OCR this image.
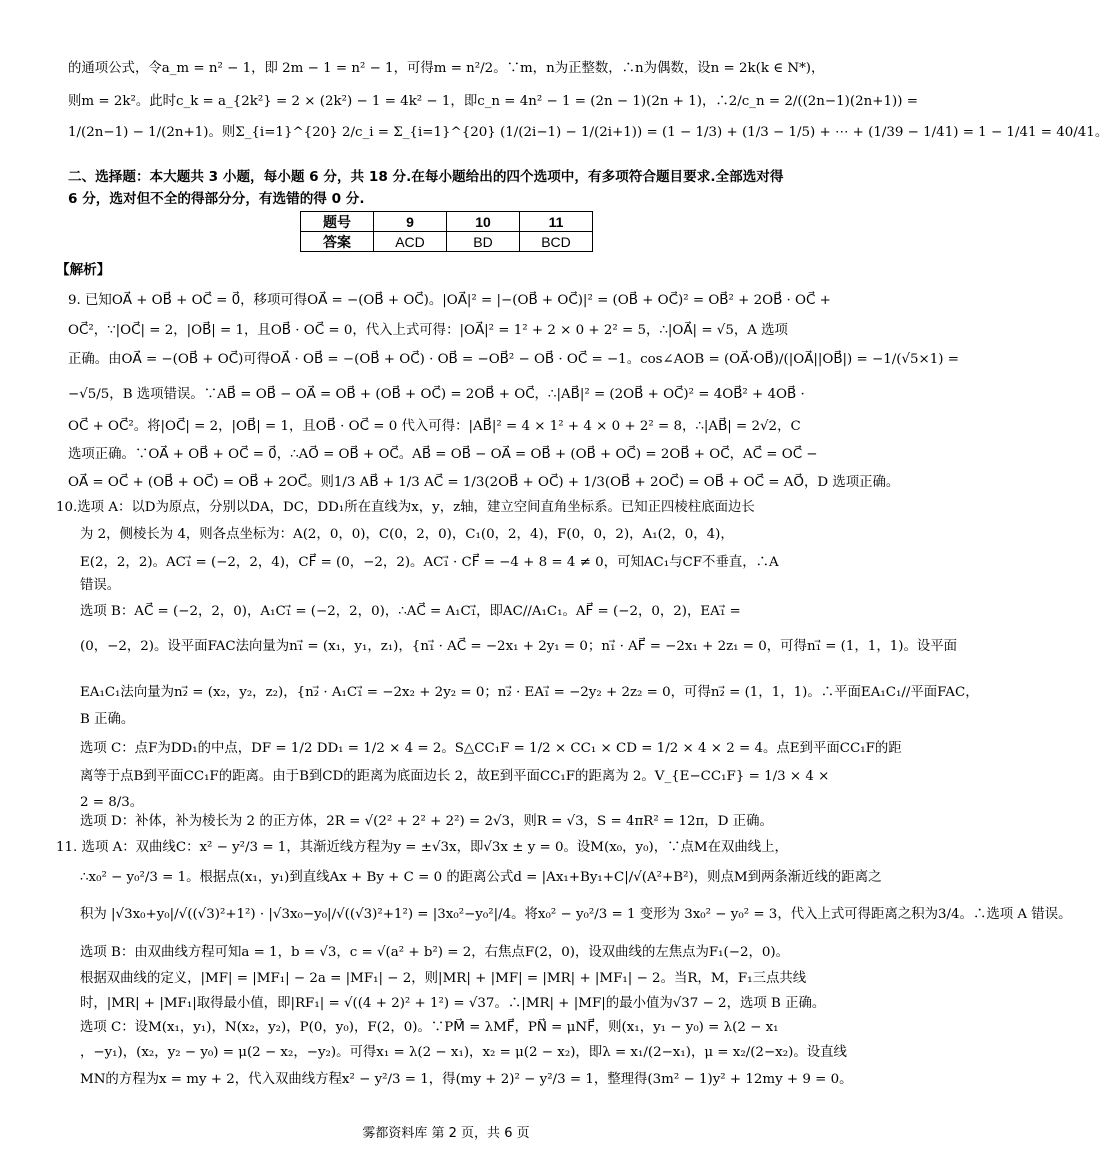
的通项公式，令a_m = n² − 1，即 2m − 1 = n² − 1，可得m = n²/2。∵m，n为正整数，∴n为偶数，设n = 2k(k ∈ N*)，
则m = 2k²。此时c_k = a_{2k²} = 2 × (2k²) − 1 = 4k² − 1，即c_n = 4n² − 1 = (2n − 1)(2n + 1)，∴2/c_n = 2/((2n−1)(2n+1)) =
1/(2n−1) − 1/(2n+1)。则Σ_{i=1}^{20} 2/c_i = Σ_{i=1}^{20} (1/(2i−1) − 1/(2i+1)) = (1 − 1/3) + (1/3 − 1/5) + ⋯ + (1/39 − 1/41) = 1 − 1/41 = 40/41。
二、选择题：本大题共 3 小题，每小题 6 分，共 18 分.在每小题给出的四个选项中，有多项符合题目要求.全部选对得
6 分，选对但不全的得部分分，有选错的得 0 分.
题号	9	10	11
答案	ACD	BD	BCD
【解析】
9. 已知OA⃗ + OB⃗ + OC⃗ = 0⃗，移项可得OA⃗ = −(OB⃗ + OC⃗)。|OA⃗|² = |−(OB⃗ + OC⃗)|² = (OB⃗ + OC⃗)² = OB⃗² + 2OB⃗ · OC⃗ +
OC⃗²，∵|OC⃗| = 2，|OB⃗| = 1，且OB⃗ · OC⃗ = 0，代入上式可得：|OA⃗|² = 1² + 2 × 0 + 2² = 5，∴|OA⃗| = √5，A 选项
正确。由OA⃗ = −(OB⃗ + OC⃗)可得OA⃗ · OB⃗ = −(OB⃗ + OC⃗) · OB⃗ = −OB⃗² − OB⃗ · OC⃗ = −1。cos∠AOB = (OA⃗·OB⃗)/(|OA⃗||OB⃗|) = −1/(√5×1) =
−√5/5，B 选项错误。∵AB⃗ = OB⃗ − OA⃗ = OB⃗ + (OB⃗ + OC⃗) = 2OB⃗ + OC⃗，∴|AB⃗|² = (2OB⃗ + OC⃗)² = 4OB⃗² + 4OB⃗ ·
OC⃗ + OC⃗²。将|OC⃗| = 2，|OB⃗| = 1，且OB⃗ · OC⃗ = 0 代入可得：|AB⃗|² = 4 × 1² + 4 × 0 + 2² = 8，∴|AB⃗| = 2√2，C
选项正确。∵OA⃗ + OB⃗ + OC⃗ = 0⃗，∴AO⃗ = OB⃗ + OC⃗。AB⃗ = OB⃗ − OA⃗ = OB⃗ + (OB⃗ + OC⃗) = 2OB⃗ + OC⃗，AC⃗ = OC⃗ −
OA⃗ = OC⃗ + (OB⃗ + OC⃗) = OB⃗ + 2OC⃗。则1/3 AB⃗ + 1/3 AC⃗ = 1/3(2OB⃗ + OC⃗) + 1/3(OB⃗ + 2OC⃗) = OB⃗ + OC⃗ = AO⃗，D 选项正确。
10.选项 A：以D为原点，分别以DA，DC，DD₁所在直线为x，y，z轴，建立空间直角坐标系。已知正四棱柱底面边长
为 2，侧棱长为 4，则各点坐标为：A(2，0，0)，C(0，2，0)，C₁(0，2，4)，F(0，0，2)，A₁(2，0，4)，
E(2，2，2)。AC₁⃗ = (−2，2，4)，CF⃗ = (0，−2，2)。AC₁⃗ · CF⃗ = −4 + 8 = 4 ≠ 0，可知AC₁与CF不垂直，∴A
错误。
选项 B：AC⃗ = (−2，2，0)，A₁C₁⃗ = (−2，2，0)，∴AC⃗ = A₁C₁⃗，即AC//A₁C₁。AF⃗ = (−2，0，2)，EA₁⃗ =
(0，−2，2)。设平面FAC法向量为n₁⃗ = (x₁，y₁，z₁)，{n₁⃗ · AC⃗ = −2x₁ + 2y₁ = 0；n₁⃗ · AF⃗ = −2x₁ + 2z₁ = 0，可得n₁⃗ = (1，1，1)。设平面
EA₁C₁法向量为n₂⃗ = (x₂，y₂，z₂)，{n₂⃗ · A₁C₁⃗ = −2x₂ + 2y₂ = 0；n₂⃗ · EA₁⃗ = −2y₂ + 2z₂ = 0，可得n₂⃗ = (1，1，1)。∴平面EA₁C₁//平面FAC，
B 正确。
选项 C：点F为DD₁的中点，DF = 1/2 DD₁ = 1/2 × 4 = 2。S△CC₁F = 1/2 × CC₁ × CD = 1/2 × 4 × 2 = 4。点E到平面CC₁F的距
离等于点B到平面CC₁F的距离。由于B到CD的距离为底面边长 2，故E到平面CC₁F的距离为 2。V_{E−CC₁F} = 1/3 × 4 ×
2 = 8/3。
选项 D：补体，补为棱长为 2 的正方体，2R = √(2² + 2² + 2²) = 2√3，则R = √3，S = 4πR² = 12π，D 正确。
11. 选项 A：双曲线C：x² − y²/3 = 1，其渐近线方程为y = ±√3x，即√3x ± y = 0。设M(x₀，y₀)，∵点M在双曲线上，
∴x₀² − y₀²/3 = 1。根据点(x₁，y₁)到直线Ax + By + C = 0 的距离公式d = |Ax₁+By₁+C|/√(A²+B²)，则点M到两条渐近线的距离之
积为 |√3x₀+y₀|/√((√3)²+1²) · |√3x₀−y₀|/√((√3)²+1²) = |3x₀²−y₀²|/4。将x₀² − y₀²/3 = 1 变形为 3x₀² − y₀² = 3，代入上式可得距离之积为3/4。∴选项 A 错误。
选项 B：由双曲线方程可知a = 1，b = √3，c = √(a² + b²) = 2，右焦点F(2，0)，设双曲线的左焦点为F₁(−2，0)。
根据双曲线的定义，|MF| = |MF₁| − 2a = |MF₁| − 2，则|MR| + |MF| = |MR| + |MF₁| − 2。当R，M，F₁三点共线
时，|MR| + |MF₁|取得最小值，即|RF₁| = √((4 + 2)² + 1²) = √37。∴|MR| + |MF|的最小值为√37 − 2，选项 B 正确。
选项 C：设M(x₁，y₁)，N(x₂，y₂)，P(0，y₀)，F(2，0)。∵PM⃗ = λMF⃗，PN⃗ = μNF⃗，则(x₁，y₁ − y₀) = λ(2 − x₁
，−y₁)，(x₂，y₂ − y₀) = μ(2 − x₂，−y₂)。可得x₁ = λ(2 − x₁)，x₂ = μ(2 − x₂)，即λ = x₁/(2−x₁)，μ = x₂/(2−x₂)。设直线
MN的方程为x = my + 2，代入双曲线方程x² − y²/3 = 1，得(my + 2)² − y²/3 = 1，整理得(3m² − 1)y² + 12my + 9 = 0。
雾都资料库 第 2 页，共 6 页
